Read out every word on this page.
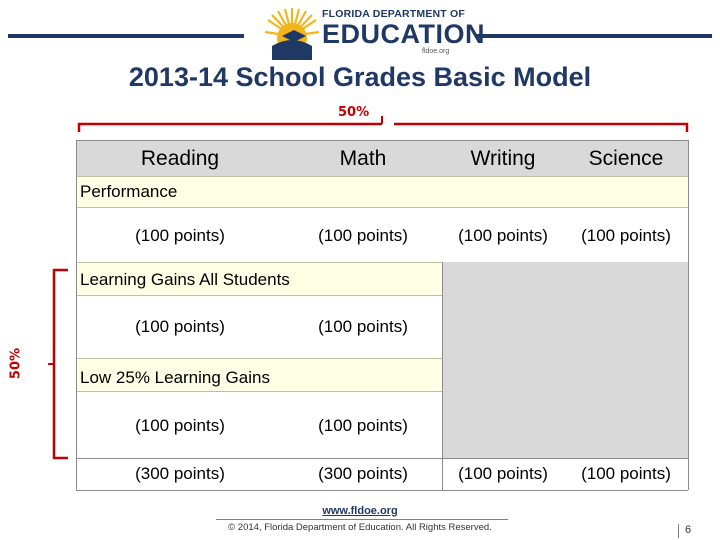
FLORIDA DEPARTMENT OF
EDUCATION
fldoe.org
2013-14 School Grades Basic Model
50%
50%
Reading	Math	Writing	Science
Performance
(100 points)	(100 points)	(100 points)	(100 points)
Learning Gains All Students
(100 points)	(100 points)
Low 25% Learning Gains
(100 points)	(100 points)
(300 points)	(300 points)	(100 points)	(100 points)
www.fldoe.org
© 2014, Florida Department of Education. All Rights Reserved.	6
